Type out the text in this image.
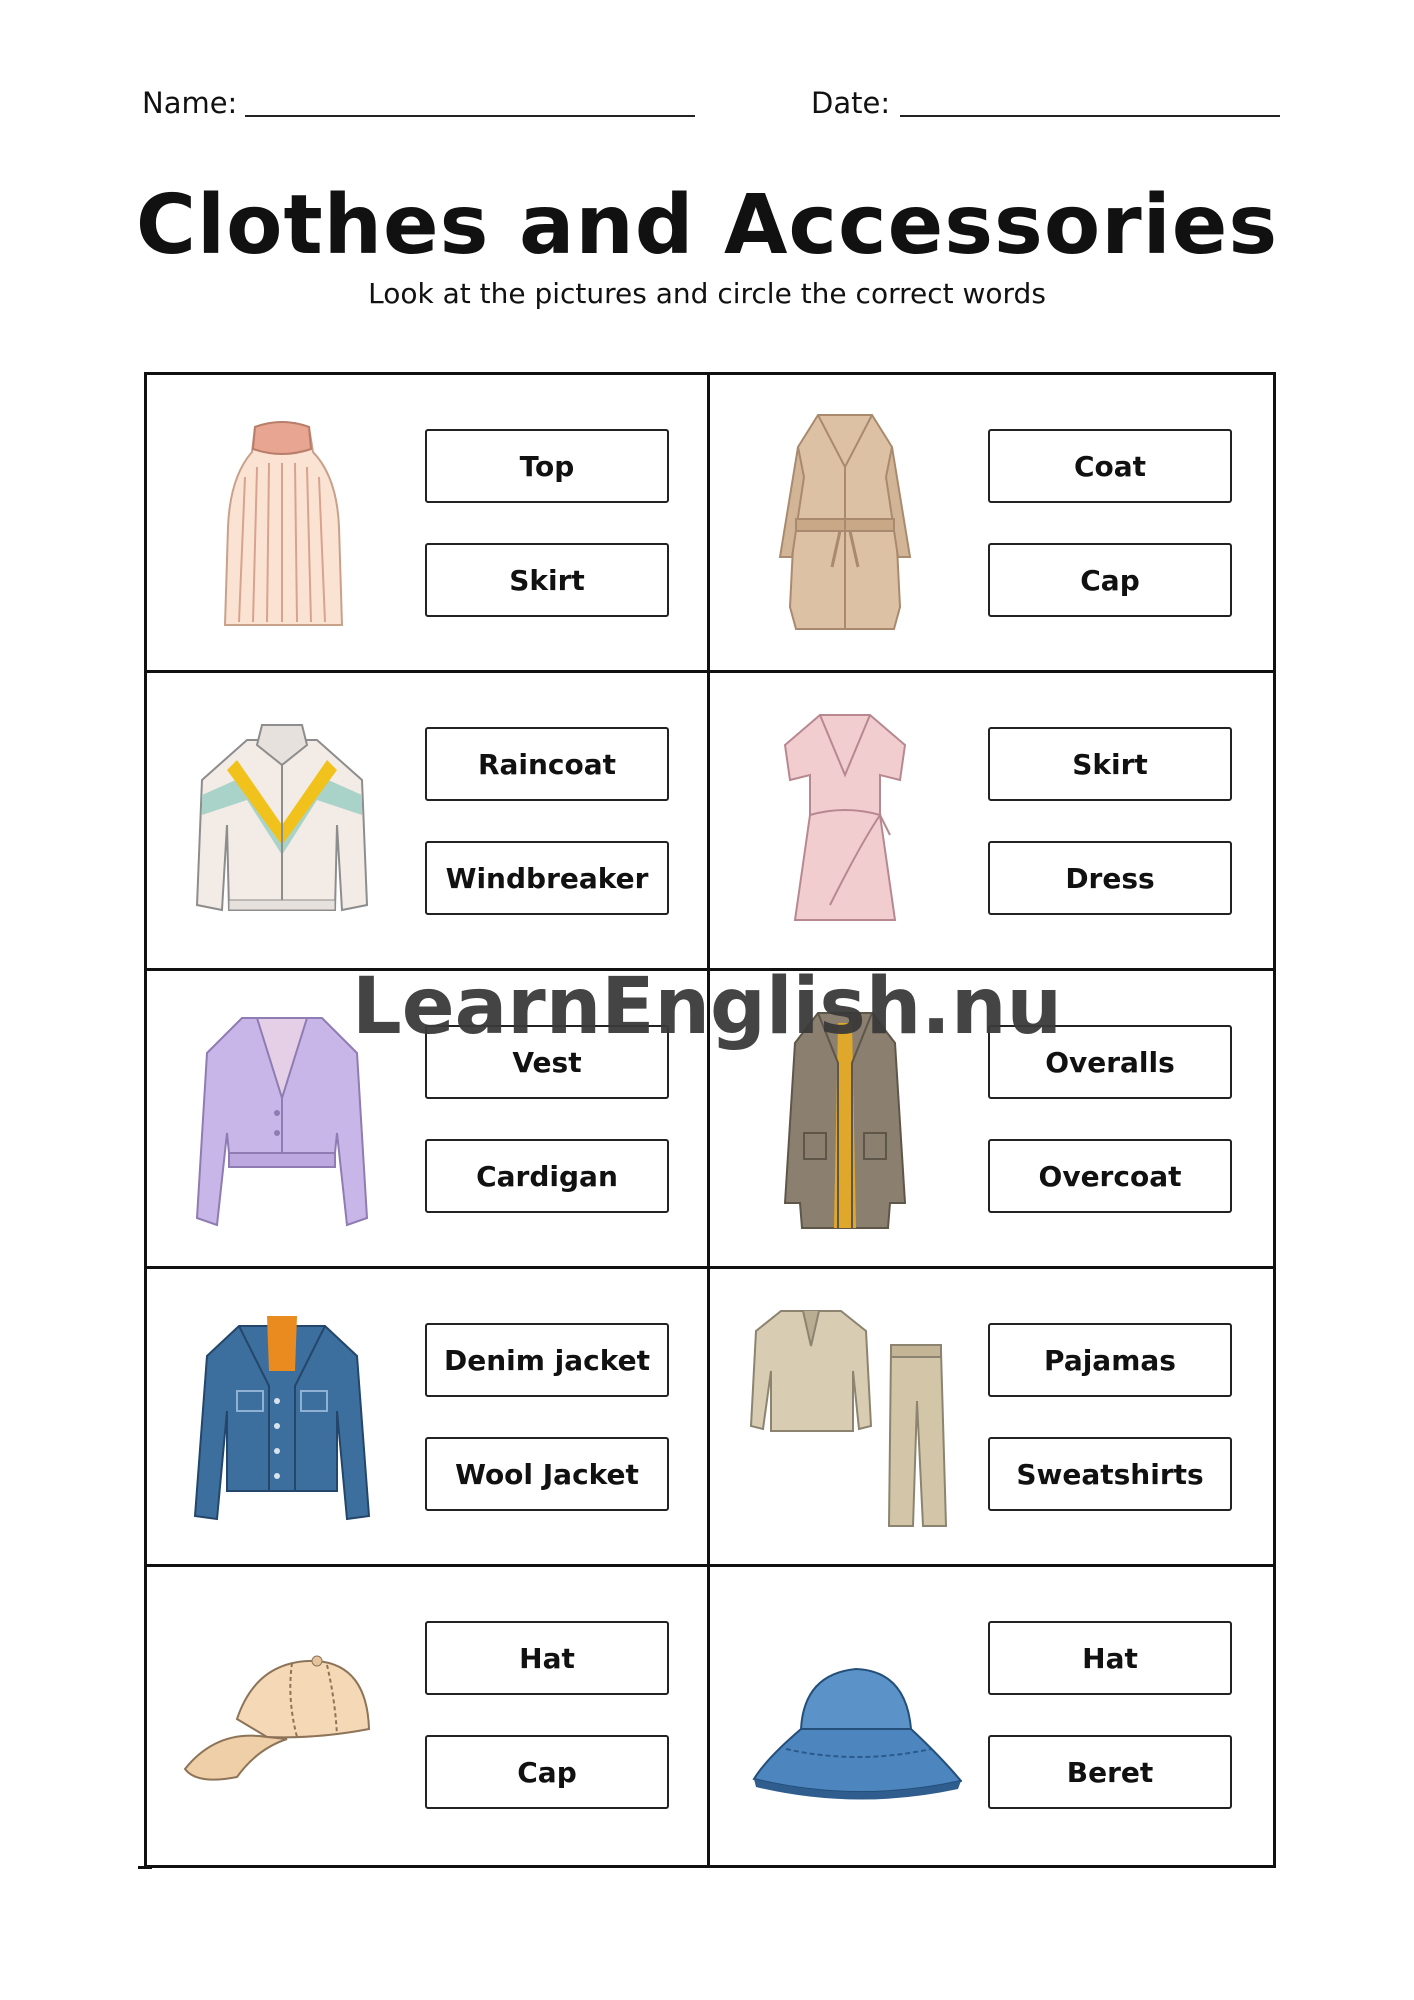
Name:	Date:
Clothes and Accessories
Look at the pictures and circle the correct words
Top
Skirt
Coat
Cap
Raincoat
Windbreaker
Skirt
Dress
Vest
Cardigan
Overalls
Overcoat
Denim jacket
Wool Jacket
Pajamas
Sweatshirts
Hat
Cap
Hat
Beret
LearnEnglish.nu
